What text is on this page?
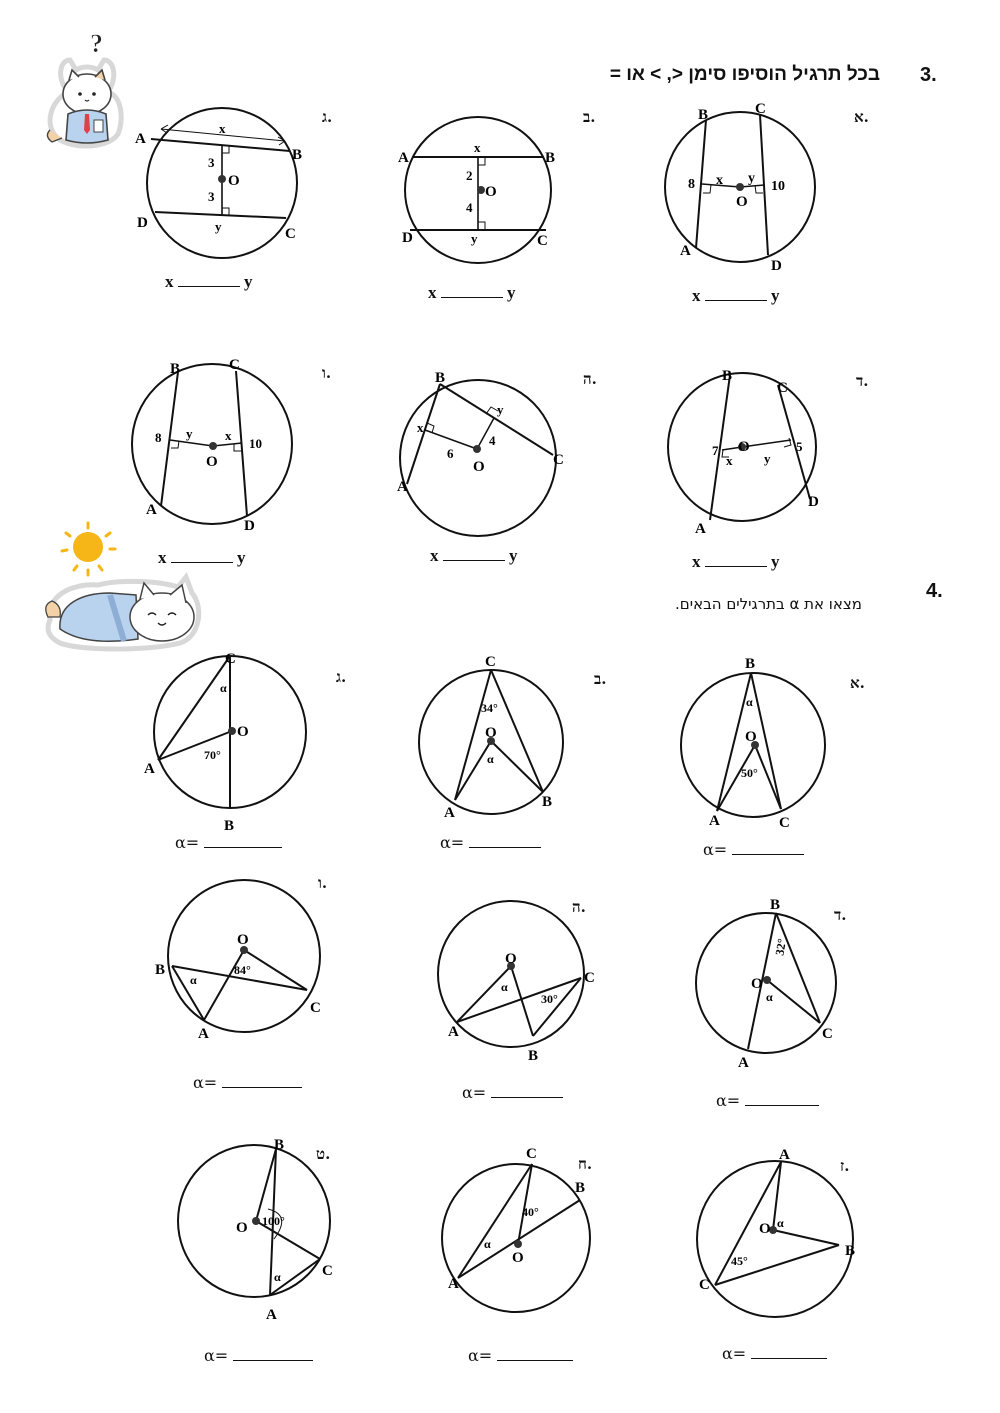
?
3.
בכל תרגיל הוסיפו סימן <, > או =
א.
ב.
ג.
ד.
ה.
ו.
B	C
A
D
O
8	10
x y
A	B
D	C
O
2
4
x
y
A
B
D
C
O
3
3
x
y
x	y
x	y
x	y
B
C
A
D
O
7	5
x y
B
A
C
O
6
4
x
y
B	C
A
D
O
8	10
y	x
x	y
x	y
x	y
4.
מצאו את α בתרגילים הבאים.
א.
ב.
ג.
ד.
ה.
ו.
ז.
ח.
ט.
B
A	C
O
α
50°
C
A
B
O
34°
α
C
A
B
O
α
70°
α=
α=
α=
B
A
C
O
32°
α
A
B
C
O
α
30°
B
A
C
O
α
84°
α=
α=
α=
A
B
C
O α
45°
C
B
A
O
40°
α
B
C
A
O 100°
α
α=
α=
α=
